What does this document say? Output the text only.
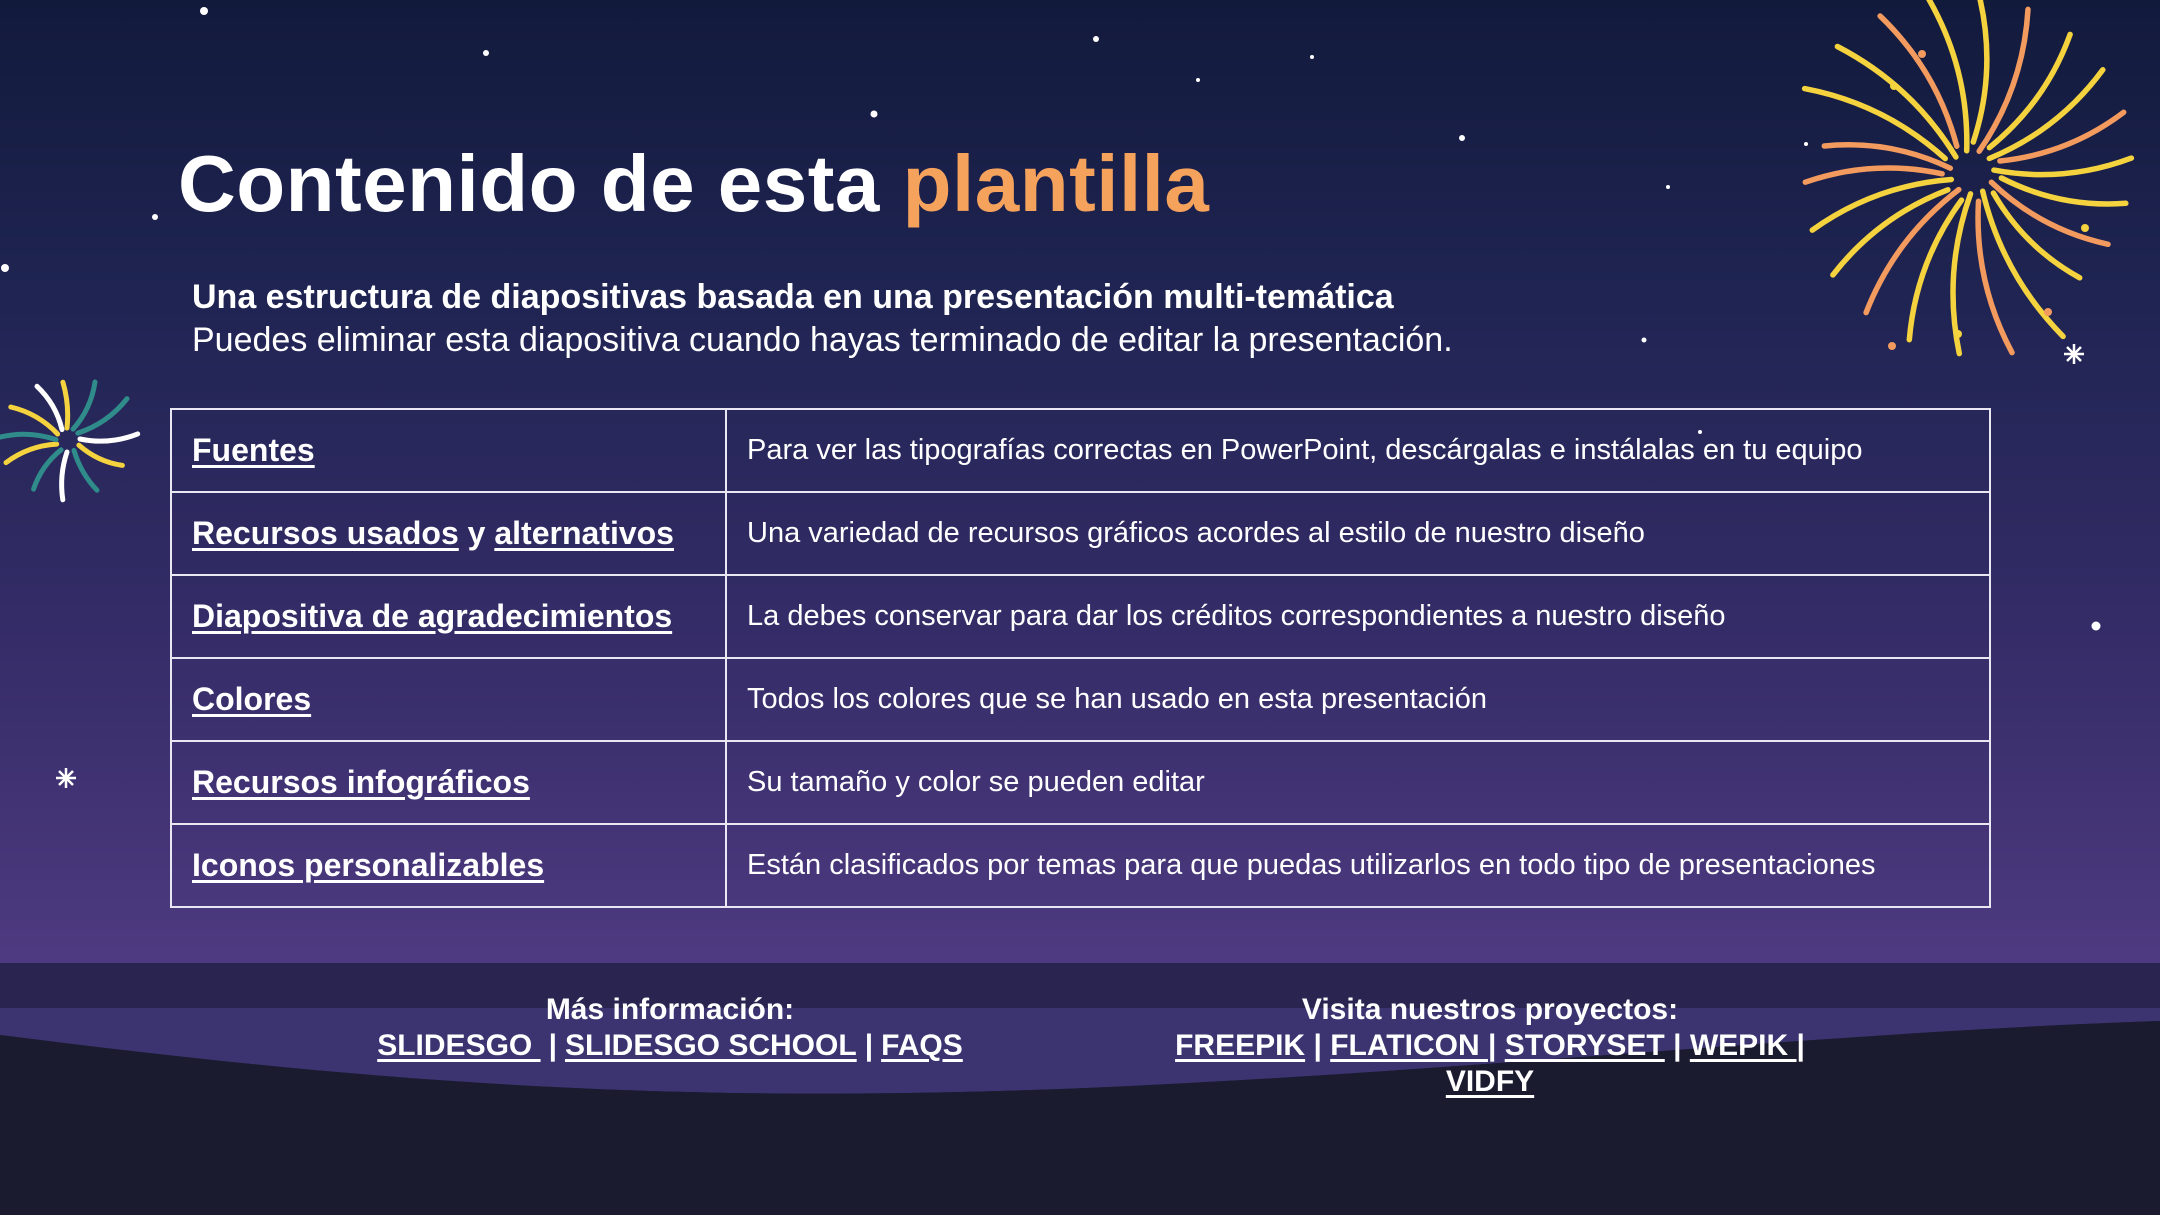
Contenido de esta plantilla
Una estructura de diapositivas basada en una presentación multi-temática
Puedes eliminar esta diapositiva cuando hayas terminado de editar la presentación.
Fuentes	Para ver las tipografías correctas en PowerPoint, descárgalas e instálalas en tu equipo
Recursos usados y alternativos	Una variedad de recursos gráficos acordes al estilo de nuestro diseño
Diapositiva de agradecimientos	La debes conservar para dar los créditos correspondientes a nuestro diseño
Colores	Todos los colores que se han usado en esta presentación
Recursos infográficos	Su tamaño y color se pueden editar
Iconos personalizables	Están clasificados por temas para que puedas utilizarlos en todo tipo de presentaciones
Más información:
SLIDESGO | SLIDESGO SCHOOL | FAQS
Visita nuestros proyectos:
FREEPIK | FLATICON | STORYSET | WEPIK |
VIDFY
